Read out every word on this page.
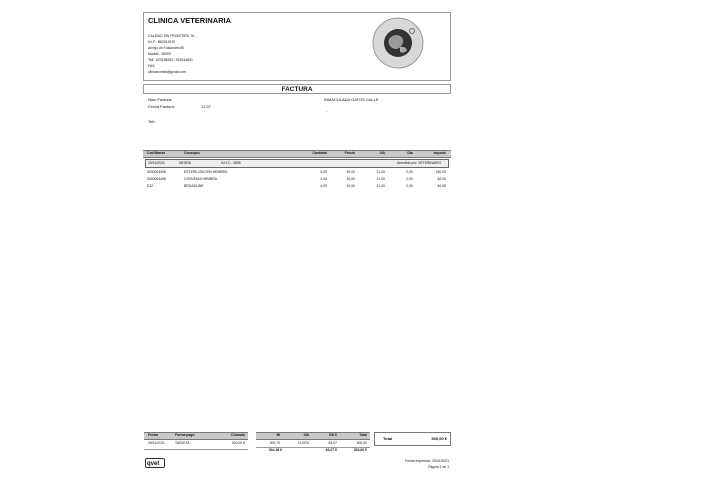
CLINICA VETERINARIA
CALIDAD SIN FRONTERA, SL
N.I.F.: B82015370
Arroyo de Fuslandrin 80
Madrid - 28009
Telf.: 623198262 / 915044691
FAX:
clinicavvetsil@gmail.com
FACTURA
Núm Factura:
Fecha Factura:	13:37
Telf.:
INMACULADA GATOS CALLE
-
Cod.Barras	Concepto	Cantidad	Precio	IVA	Dto	Importe
29/11/2021	NEGRA	N.H.C.: 3895	Atendido por: VETERINARIO
0000003496	ESTERILIZACION HEMBRA	4,00	39,00	21,00	0,00	160,00
0000003496	CONVENIA HEMBRA	4,00	10,00	21,00	0,00	40,00
E12	BROADLINE	4,00	10,00	21,00	0,00	40,00
Fecha	Forma pago	Cobrado
29/11/2021	TARJETA	300,00 €
BI	IVA	IVA €	Total
300,70	21,00%	63,07	300,00
304,18 €	63,07 €	300,00 €
Total	360,00 €
qvet	Fecha Impresión: 29/11/2021
Página 1 de 1
